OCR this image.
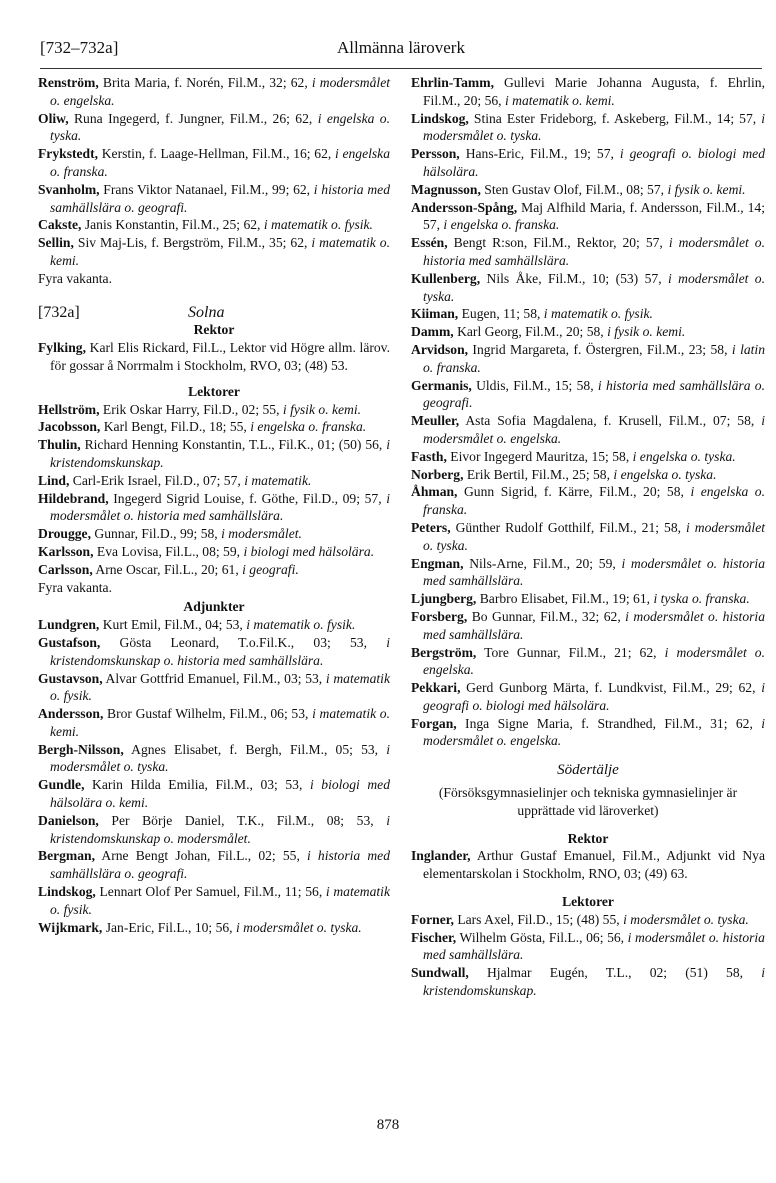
[732–732a]	Allmänna läroverk

Renström, Brita Maria, f. Norén, Fil.M., 32; 62, i modersmålet o. engelska.

Oliw, Runa Ingegerd, f. Jungner, Fil.M., 26; 62, i engelska o. tyska.

Frykstedt, Kerstin, f. Laage-Hellman, Fil.M., 16; 62, i engelska o. franska.

Svanholm, Frans Viktor Natanael, Fil.M., 99; 62, i historia med samhällslära o. geografi.

Cakste, Janis Konstantin, Fil.M., 25; 62, i matematik o. fysik.

Sellin, Siv Maj-Lis, f. Bergström, Fil.M., 35; 62, i matematik o. kemi.

Fyra vakanta.

[732a]	Solna

Rektor

Fylking, Karl Elis Rickard, Fil.L., Lektor vid Högre allm. lärov. för gossar å Norrmalm i Stockholm, RVO, 03; (48) 53.

Lektorer

Hellström, Erik Oskar Harry, Fil.D., 02; 55, i fysik o. kemi.

Jacobsson, Karl Bengt, Fil.D., 18; 55, i engelska o. franska.

Thulin, Richard Henning Konstantin, T.L., Fil.K., 01; (50) 56, i kristendomskunskap.

Lind, Carl-Erik Israel, Fil.D., 07; 57, i matematik.

Hildebrand, Ingegerd Sigrid Louise, f. Göthe, Fil.D., 09; 57, i modersmålet o. historia med samhällslära.

Drougge, Gunnar, Fil.D., 99; 58, i modersmålet.

Karlsson, Eva Lovisa, Fil.L., 08; 59, i biologi med hälsolära.

Carlsson, Arne Oscar, Fil.L., 20; 61, i geografi.

Fyra vakanta.

Adjunkter

Lundgren, Kurt Emil, Fil.M., 04; 53, i matematik o. fysik.

Gustafson, Gösta Leonard, T.o.Fil.K., 03; 53, i kristendomskunskap o. historia med samhällslära.

Gustavson, Alvar Gottfrid Emanuel, Fil.M., 03; 53, i matematik o. fysik.

Andersson, Bror Gustaf Wilhelm, Fil.M., 06; 53, i matematik o. kemi.

Bergh-Nilsson, Agnes Elisabet, f. Bergh, Fil.M., 05; 53, i modersmålet o. tyska.

Gundle, Karin Hilda Emilia, Fil.M., 03; 53, i biologi med hälsolära o. kemi.

Danielson, Per Börje Daniel, T.K., Fil.M., 08; 53, i kristendomskunskap o. modersmålet.

Bergman, Arne Bengt Johan, Fil.L., 02; 55, i historia med samhällslära o. geografi.

Lindskog, Lennart Olof Per Samuel, Fil.M., 11; 56, i matematik o. fysik.

Wijkmark, Jan-Eric, Fil.L., 10; 56, i modersmålet o. tyska.

Ehrlin-Tamm, Gullevi Marie Johanna Augusta, f. Ehrlin, Fil.M., 20; 56, i matematik o. kemi.

Lindskog, Stina Ester Frideborg, f. Askeberg, Fil.M., 14; 57, i modersmålet o. tyska.

Persson, Hans-Eric, Fil.M., 19; 57, i geografi o. biologi med hälsolära.

Magnusson, Sten Gustav Olof, Fil.M., 08; 57, i fysik o. kemi.

Andersson-Spång, Maj Alfhild Maria, f. Andersson, Fil.M., 14; 57, i engelska o. franska.

Essén, Bengt R:son, Fil.M., Rektor, 20; 57, i modersmålet o. historia med samhällslära.

Kullenberg, Nils Åke, Fil.M., 10; (53) 57, i modersmålet o. tyska.

Kiiman, Eugen, 11; 58, i matematik o. fysik.

Damm, Karl Georg, Fil.M., 20; 58, i fysik o. kemi.

Arvidson, Ingrid Margareta, f. Östergren, Fil.M., 23; 58, i latin o. franska.

Germanis, Uldis, Fil.M., 15; 58, i historia med samhällslära o. geografi.

Meuller, Asta Sofia Magdalena, f. Krusell, Fil.M., 07; 58, i modersmålet o. engelska.

Fasth, Eivor Ingegerd Mauritza, 15; 58, i engelska o. tyska.

Norberg, Erik Bertil, Fil.M., 25; 58, i engelska o. tyska.

Åhman, Gunn Sigrid, f. Kärre, Fil.M., 20; 58, i engelska o. franska.

Peters, Günther Rudolf Gotthilf, Fil.M., 21; 58, i modersmålet o. tyska.

Engman, Nils-Arne, Fil.M., 20; 59, i modersmålet o. historia med samhällslära.

Ljungberg, Barbro Elisabet, Fil.M., 19; 61, i tyska o. franska.

Forsberg, Bo Gunnar, Fil.M., 32; 62, i modersmålet o. historia med samhällslära.

Bergström, Tore Gunnar, Fil.M., 21; 62, i modersmålet o. engelska.

Pekkari, Gerd Gunborg Märta, f. Lundkvist, Fil.M., 29; 62, i geografi o. biologi med hälsolära.

Forgan, Inga Signe Maria, f. Strandhed, Fil.M., 31; 62, i modersmålet o. engelska.

Södertälje

(Försöksgymnasielinjer och tekniska gymnasielinjer är upprättade vid läroverket)

Rektor

Inglander, Arthur Gustaf Emanuel, Fil.M., Adjunkt vid Nya elementarskolan i Stockholm, RNO, 03; (49) 63.

Lektorer

Forner, Lars Axel, Fil.D., 15; (48) 55, i modersmålet o. tyska.

Fischer, Wilhelm Gösta, Fil.L., 06; 56, i modersmålet o. historia med samhällslära.

Sundwall, Hjalmar Eugén, T.L., 02; (51) 58, i kristendomskunskap.

878
